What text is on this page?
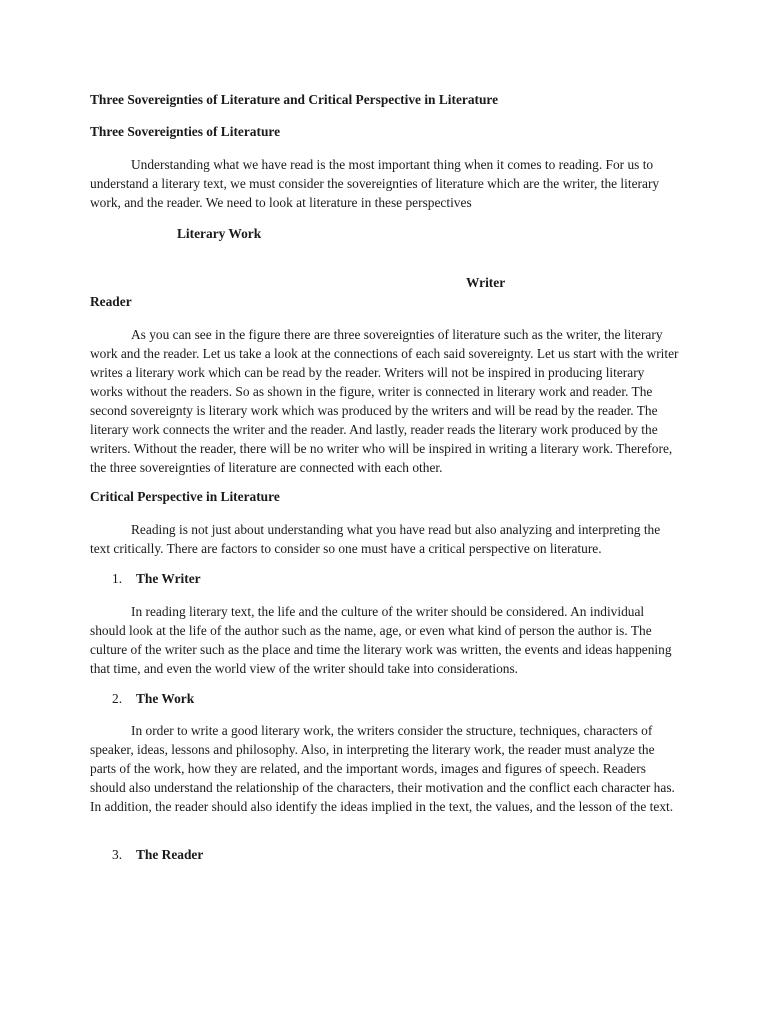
Three Sovereignties of Literature and Critical Perspective in Literature
Three Sovereignties of Literature

Understanding what we have read is the most important thing when it comes to reading. For us to understand a literary text, we must consider the sovereignties of literature which are the writer, the literary work, and the reader. We need to look at literature in these perspectives

Literary Work
Writer
Reader

As you can see in the figure there are three sovereignties of literature such as the writer, the literary work and the reader. Let us take a look at the connections of each said sovereignty. Let us start with the writer writes a literary work which can be read by the reader. Writers will not be inspired in producing literary works without the readers. So as shown in the figure, writer is connected in literary work and reader. The second sovereignty is literary work which was produced by the writers and will be read by the reader. The literary work connects the writer and the reader. And lastly, reader reads the literary work produced by the writers. Without the reader, there will be no writer who will be inspired in writing a literary work. Therefore, the three sovereignties of literature are connected with each other.

Critical Perspective in Literature

Reading is not just about understanding what you have read but also analyzing and interpreting the text critically. There are factors to consider so one must have a critical perspective on literature.

1. The Writer

In reading literary text, the life and the culture of the writer should be considered. An individual should look at the life of the author such as the name, age, or even what kind of person the author is. The culture of the writer such as the place and time the literary work was written, the events and ideas happening that time, and even the world view of the writer should take into considerations.

2. The Work

In order to write a good literary work, the writers consider the structure, techniques, characters of speaker, ideas, lessons and philosophy. Also, in interpreting the literary work, the reader must analyze the parts of the work, how they are related, and the important words, images and figures of speech. Readers should also understand the relationship of the characters, their motivation and the conflict each character has. In addition, the reader should also identify the ideas implied in the text, the values, and the lesson of the text.

3. The Reader
